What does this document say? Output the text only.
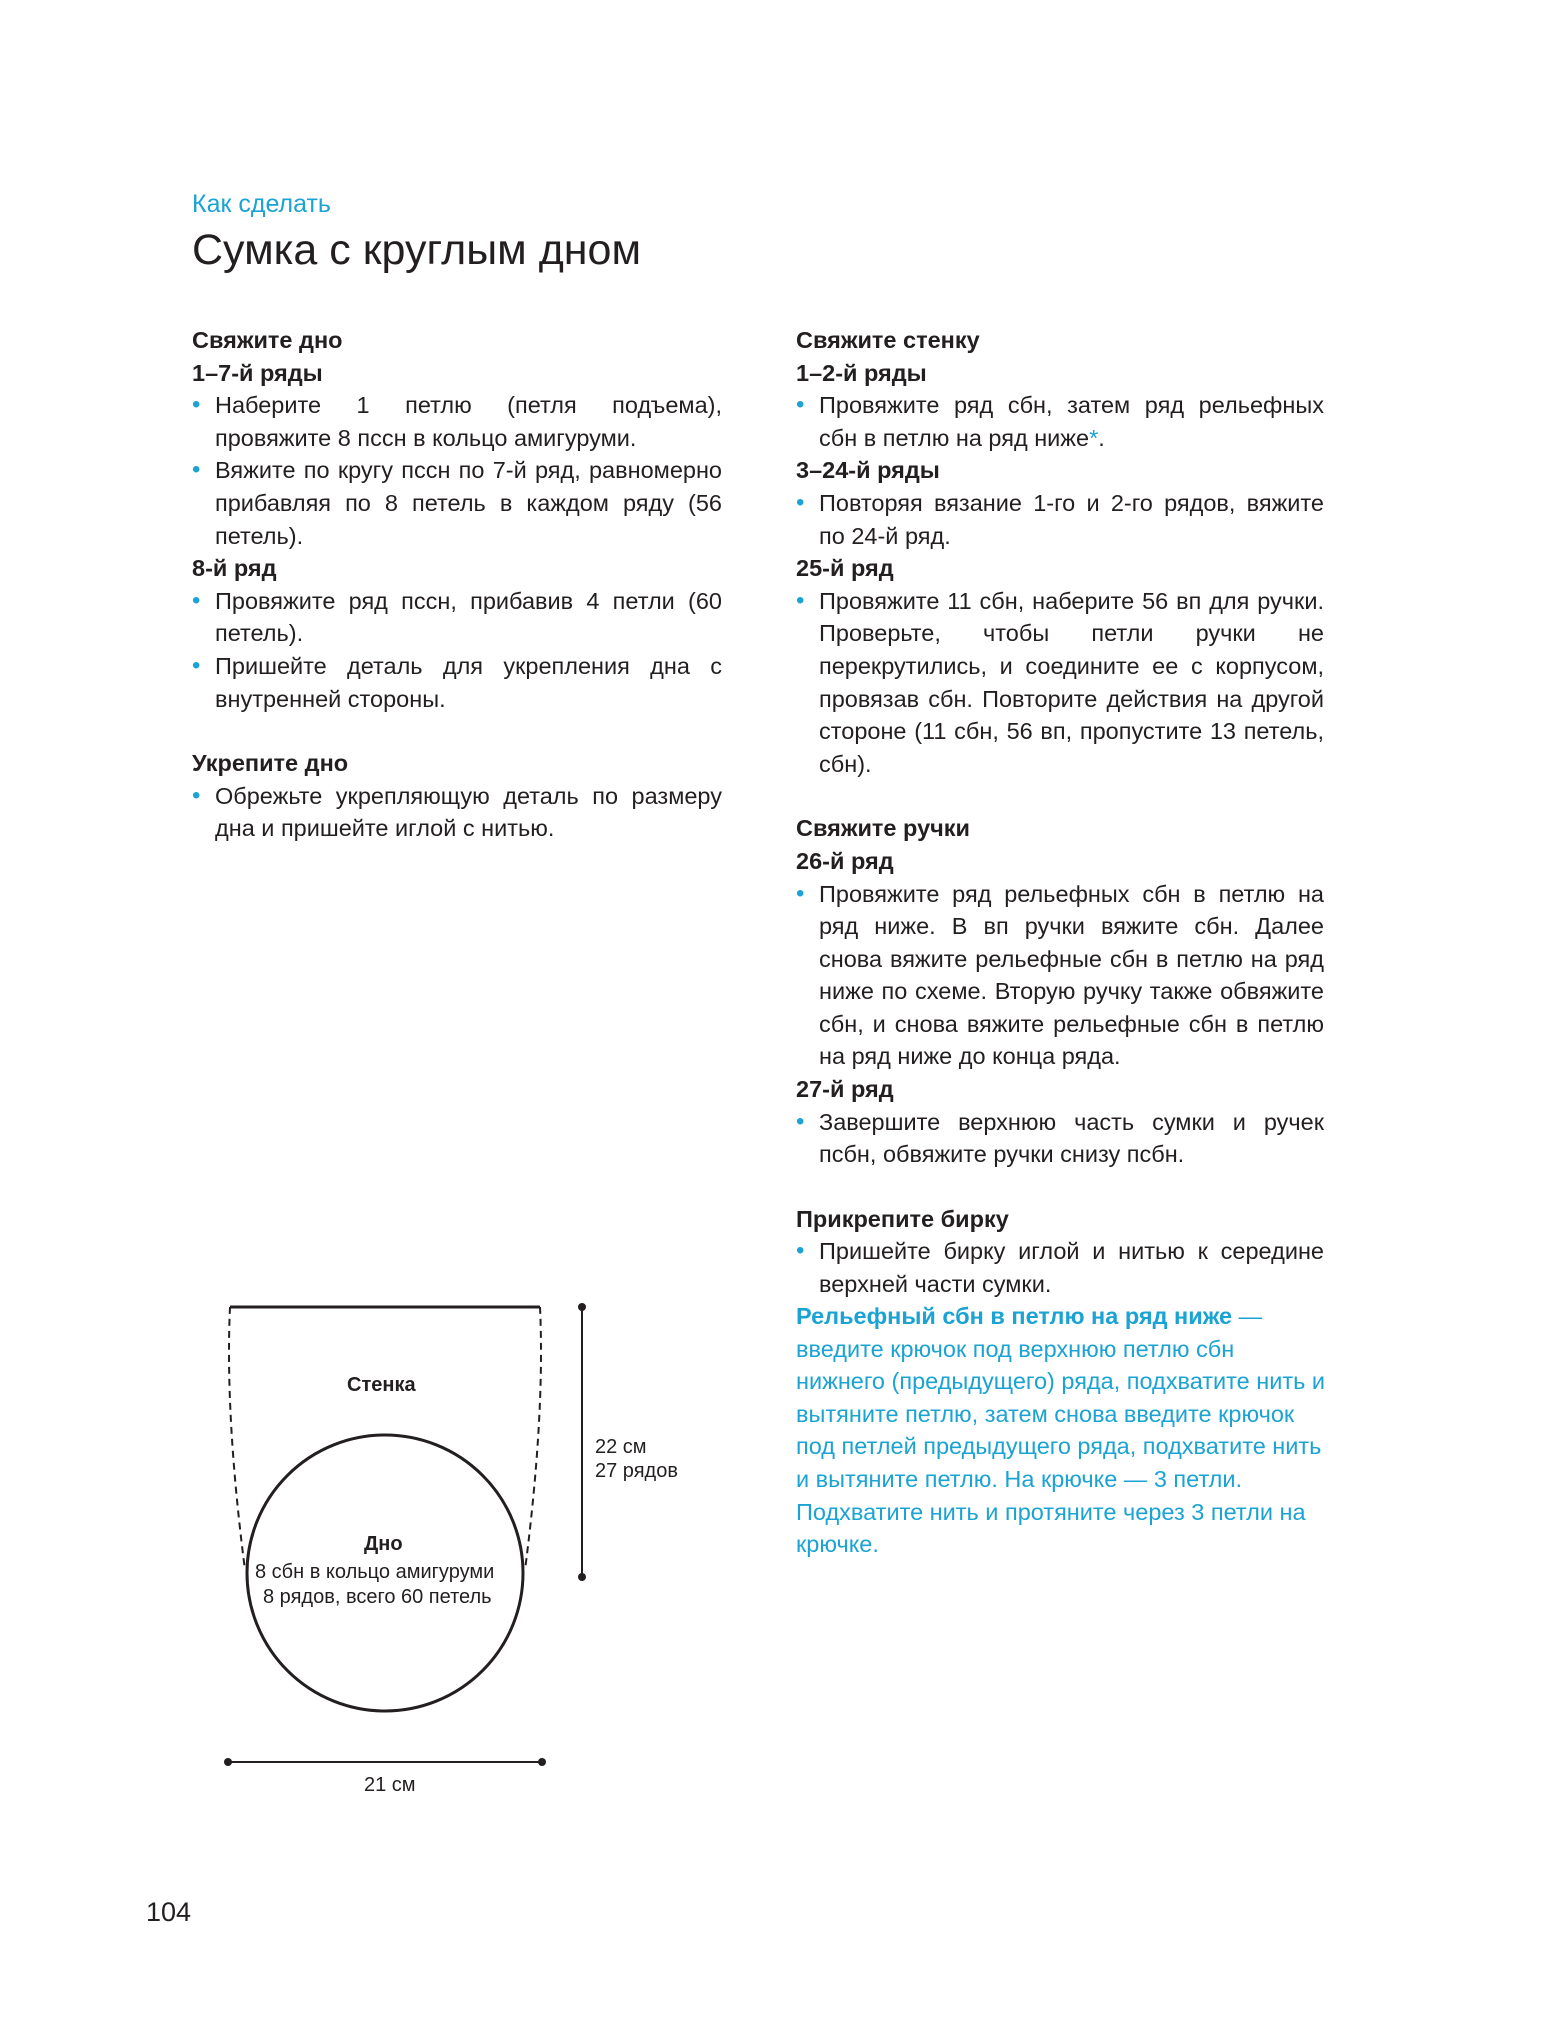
Как сделать
Сумка с круглым дном

Свяжите дно

1–7-й ряды

• Наберите 1 петлю (петля подъема), провяжите 8 пссн в кольцо амигуруми.
• Вяжите по кругу пссн по 7-й ряд, равномерно прибавляя по 8 петель в каждом ряду (56 петель).

8-й ряд

• Провяжите ряд пссн, прибавив 4 петли (60 петель).
• Пришейте деталь для укрепления дна с внутренней стороны.

Укрепите дно

• Обрежьте укрепляющую деталь по размеру дна и пришейте иглой с нитью.

Свяжите стенку

1–2-й ряды

• Провяжите ряд сбн, затем ряд рельефных сбн в петлю на ряд ниже*.

3–24-й ряды

• Повторяя вязание 1-го и 2-го рядов, вяжите по 24-й ряд.

25-й ряд

• Провяжите 11 сбн, наберите 56 вп для ручки. Проверьте, чтобы петли ручки не перекрутились, и соедините ее с корпусом, провязав сбн. Повторите действия на другой стороне (11 сбн, 56 вп, пропустите 13 петель, сбн).

Свяжите ручки

26-й ряд

• Провяжите ряд рельефных сбн в петлю на ряд ниже. В вп ручки вяжите сбн. Далее снова вяжите рельефные сбн в петлю на ряд ниже по схеме. Вторую ручку также обвяжите сбн, и снова вяжите рельефные сбн в петлю на ряд ниже до конца ряда.

27-й ряд

• Завершите верхнюю часть сумки и ручек псбн, обвяжите ручки снизу псбн.

Прикрепите бирку

• Пришейте бирку иглой и нитью к середине верхней части сумки.
Рельефный сбн в петлю на ряд ниже — введите крючок под верхнюю петлю сбн нижнего (предыдущего) ряда, подхватите нить и вытяните петлю, затем снова введите крючок под петлей предыдущего ряда, подхватите нить и вытяните петлю. На крючке — 3 петли. Подхватите нить и протяните через 3 петли на крючке.
Стенка
Дно
8 сбн в кольцо амигуруми
8 рядов, всего 60 петель
22 см
27 рядов
21 см
104
